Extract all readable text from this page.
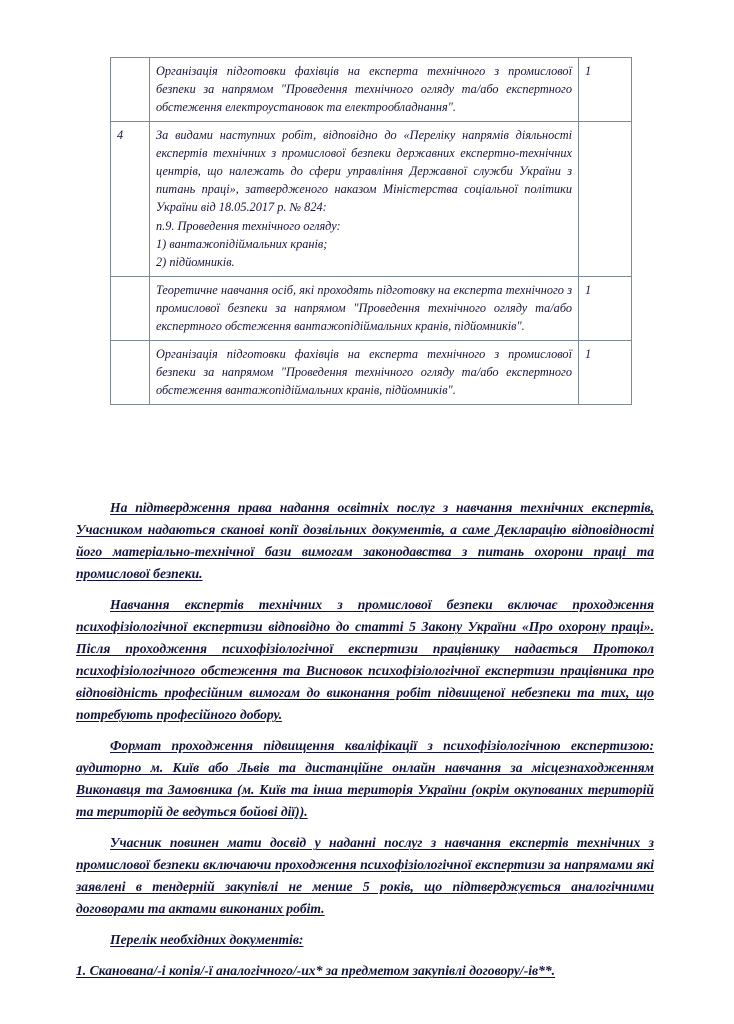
	Організація підготовки фахівців на експерта технічного з промислової безпеки за напрямом "Проведення технічного огляду та/або експертного обстеження електроустановок та електрообладнання".	1
4	За видами наступних робіт, відповідно до «Переліку напрямів діяльності експертів технічних з промислової безпеки державних експертно-технічних центрів, що належать до сфери управління Державної служби України з питань праці», затвердженого наказом Міністерства соціальної політики України від 18.05.2017 р. № 824:

п.9. Проведення технічного огляду:

1) вантажопідіймальних кранів;

2) підйомників.	

	Теоретичне навчання осіб, які проходять підготовку на експерта технічного з промислової безпеки за напрямом "Проведення технічного огляду та/або експертного обстеження вантажопідіймальних кранів, підйомників".	1

	Організація підготовки фахівців на експерта технічного з промислової безпеки за напрямом "Проведення технічного огляду та/або експертного обстеження вантажопідіймальних кранів, підйомників".	1

На підтвердження права надання освітніх послуг з навчання технічних експертів, Учасником надаються сканові копії дозвільних документів, а саме Декларацію відповідності його матеріально-технічної бази вимогам законодавства з питань охорони праці та промислової безпеки.

Навчання експертів технічних з промислової безпеки включає проходження психофізіологічної експертизи відповідно до статті 5 Закону України «Про охорону праці». Після проходження психофізіологічної експертизи працівнику надається Протокол психофізіологічного обстеження та Висновок психофізіологічної експертизи працівника про відповідність професійним вимогам до виконання робіт підвищеної небезпеки та тих, що потребують професійного добору.

Формат проходження підвищення кваліфікації з психофізіологічною експертизою: аудиторно м. Київ або Львів та дистанційне онлайн навчання за місцезнаходженням Виконавця та Замовника (м. Київ та інша територія України (окрім окупованих територій та територій де ведуться бойові дії)).

Учасник повинен мати досвід у наданні послуг з навчання експертів технічних з промислової безпеки включаючи проходження психофізіологічної експертизи за напрямами які заявлені в тендерній закупівлі не менше 5 років, що підтверджується аналогічними договорами та актами виконаних робіт.

Перелік необхідних документів:

1. Сканована/-і копія/-ї аналогічного/-их* за предметом закупівлі договору/-ів**.
